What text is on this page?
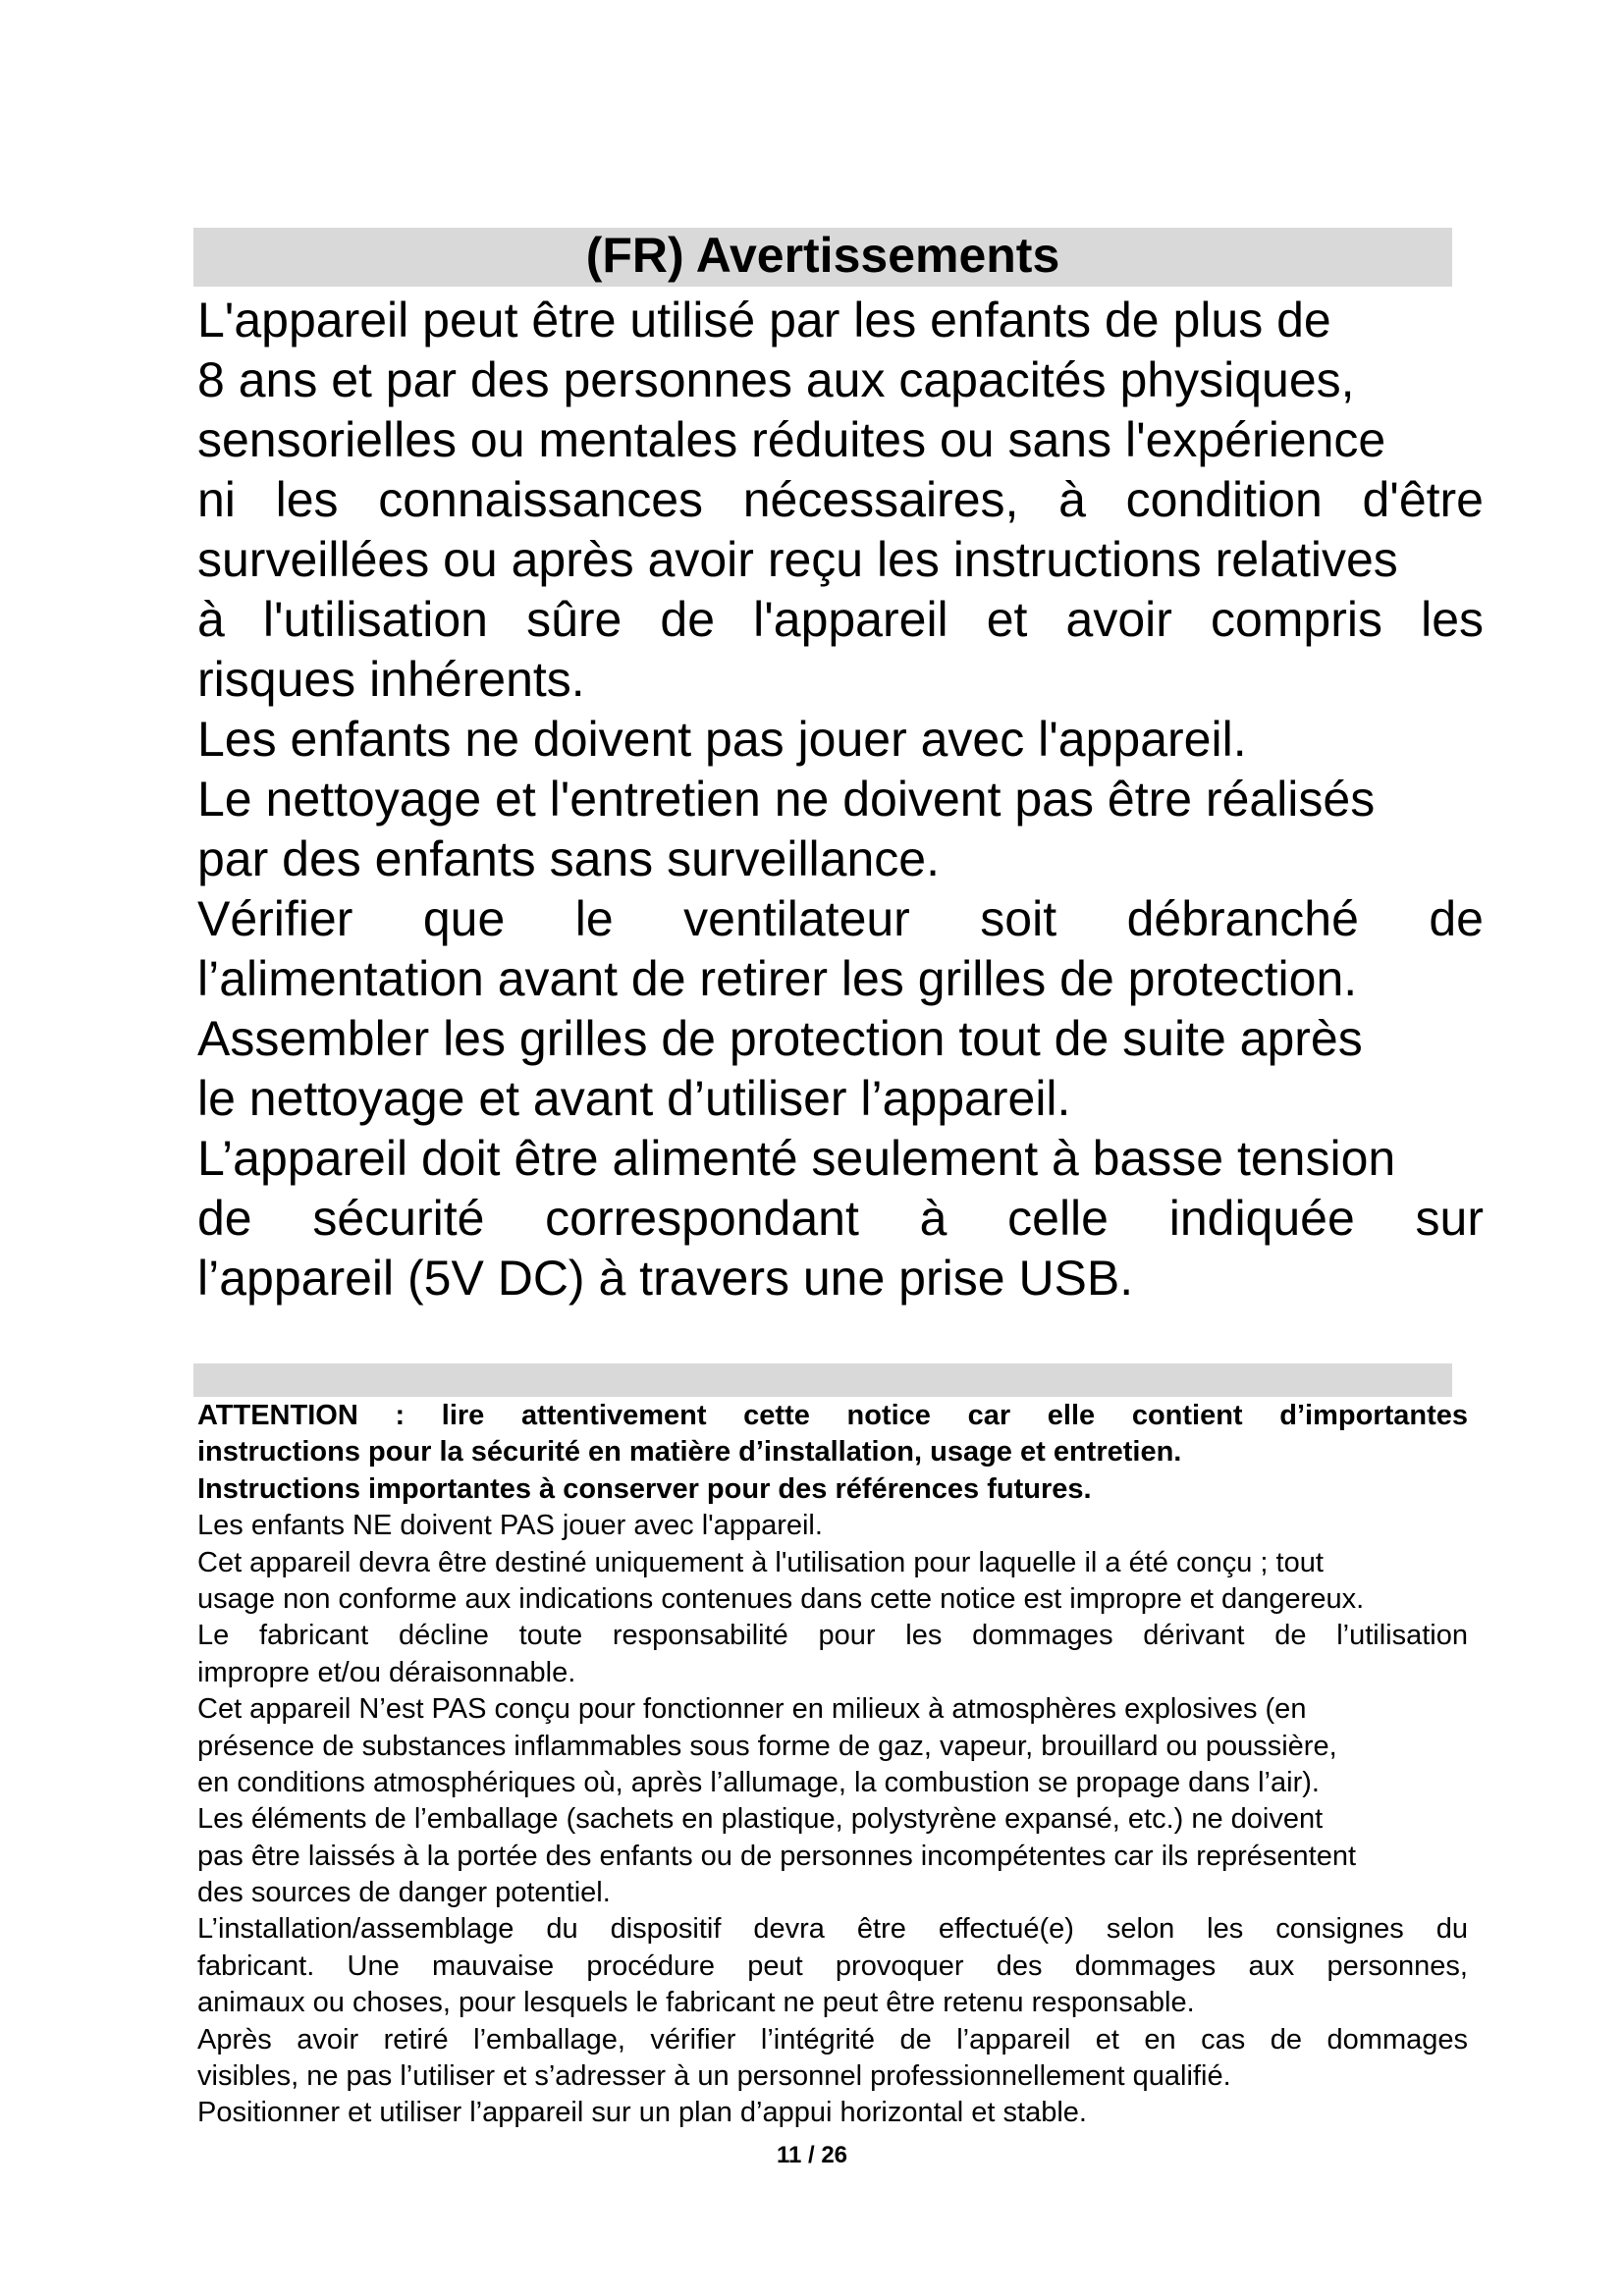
(FR) Avertissements
L'appareil peut être utilisé par les enfants de plus de
8 ans et par des personnes aux capacités physiques,
sensorielles ou mentales réduites ou sans l'expérience
ni les connaissances nécessaires, à condition d'être
surveillées ou après avoir reçu les instructions relatives
à l'utilisation sûre de l'appareil et avoir compris les
risques inhérents.
Les enfants ne doivent pas jouer avec l'appareil.
Le nettoyage et l'entretien ne doivent pas être réalisés
par des enfants sans surveillance.
Vérifier que le ventilateur soit débranché de
l’alimentation avant de retirer les grilles de protection.
Assembler les grilles de protection tout de suite après
le nettoyage et avant d’utiliser l’appareil.
L’appareil doit être alimenté seulement à basse tension
de sécurité correspondant à celle indiquée sur
l’appareil (5V DC) à travers une prise USB.
ATTENTION : lire attentivement cette notice car elle contient d’importantes
instructions pour la sécurité en matière d’installation, usage et entretien.
Instructions importantes à conserver pour des références futures.
Les enfants NE doivent PAS jouer avec l'appareil.
Cet appareil devra être destiné uniquement à l'utilisation pour laquelle il a été conçu ; tout
usage non conforme aux indications contenues dans cette notice est impropre et dangereux.
Le fabricant décline toute responsabilité pour les dommages dérivant de l’utilisation
impropre et/ou déraisonnable.
Cet appareil N’est PAS conçu pour fonctionner en milieux à atmosphères explosives (en
présence de substances inflammables sous forme de gaz, vapeur, brouillard ou poussière,
en conditions atmosphériques où, après l’allumage, la combustion se propage dans l’air).
Les éléments de l’emballage (sachets en plastique, polystyrène expansé, etc.) ne doivent
pas être laissés à la portée des enfants ou de personnes incompétentes car ils représentent
des sources de danger potentiel.
L’installation/assemblage du dispositif devra être effectué(e) selon les consignes du
fabricant. Une mauvaise procédure peut provoquer des dommages aux personnes,
animaux ou choses, pour lesquels le fabricant ne peut être retenu responsable.
Après avoir retiré l’emballage, vérifier l’intégrité de l’appareil et en cas de dommages
visibles, ne pas l’utiliser et s’adresser à un personnel professionnellement qualifié.
Positionner et utiliser l’appareil sur un plan d’appui horizontal et stable.
11 / 26
